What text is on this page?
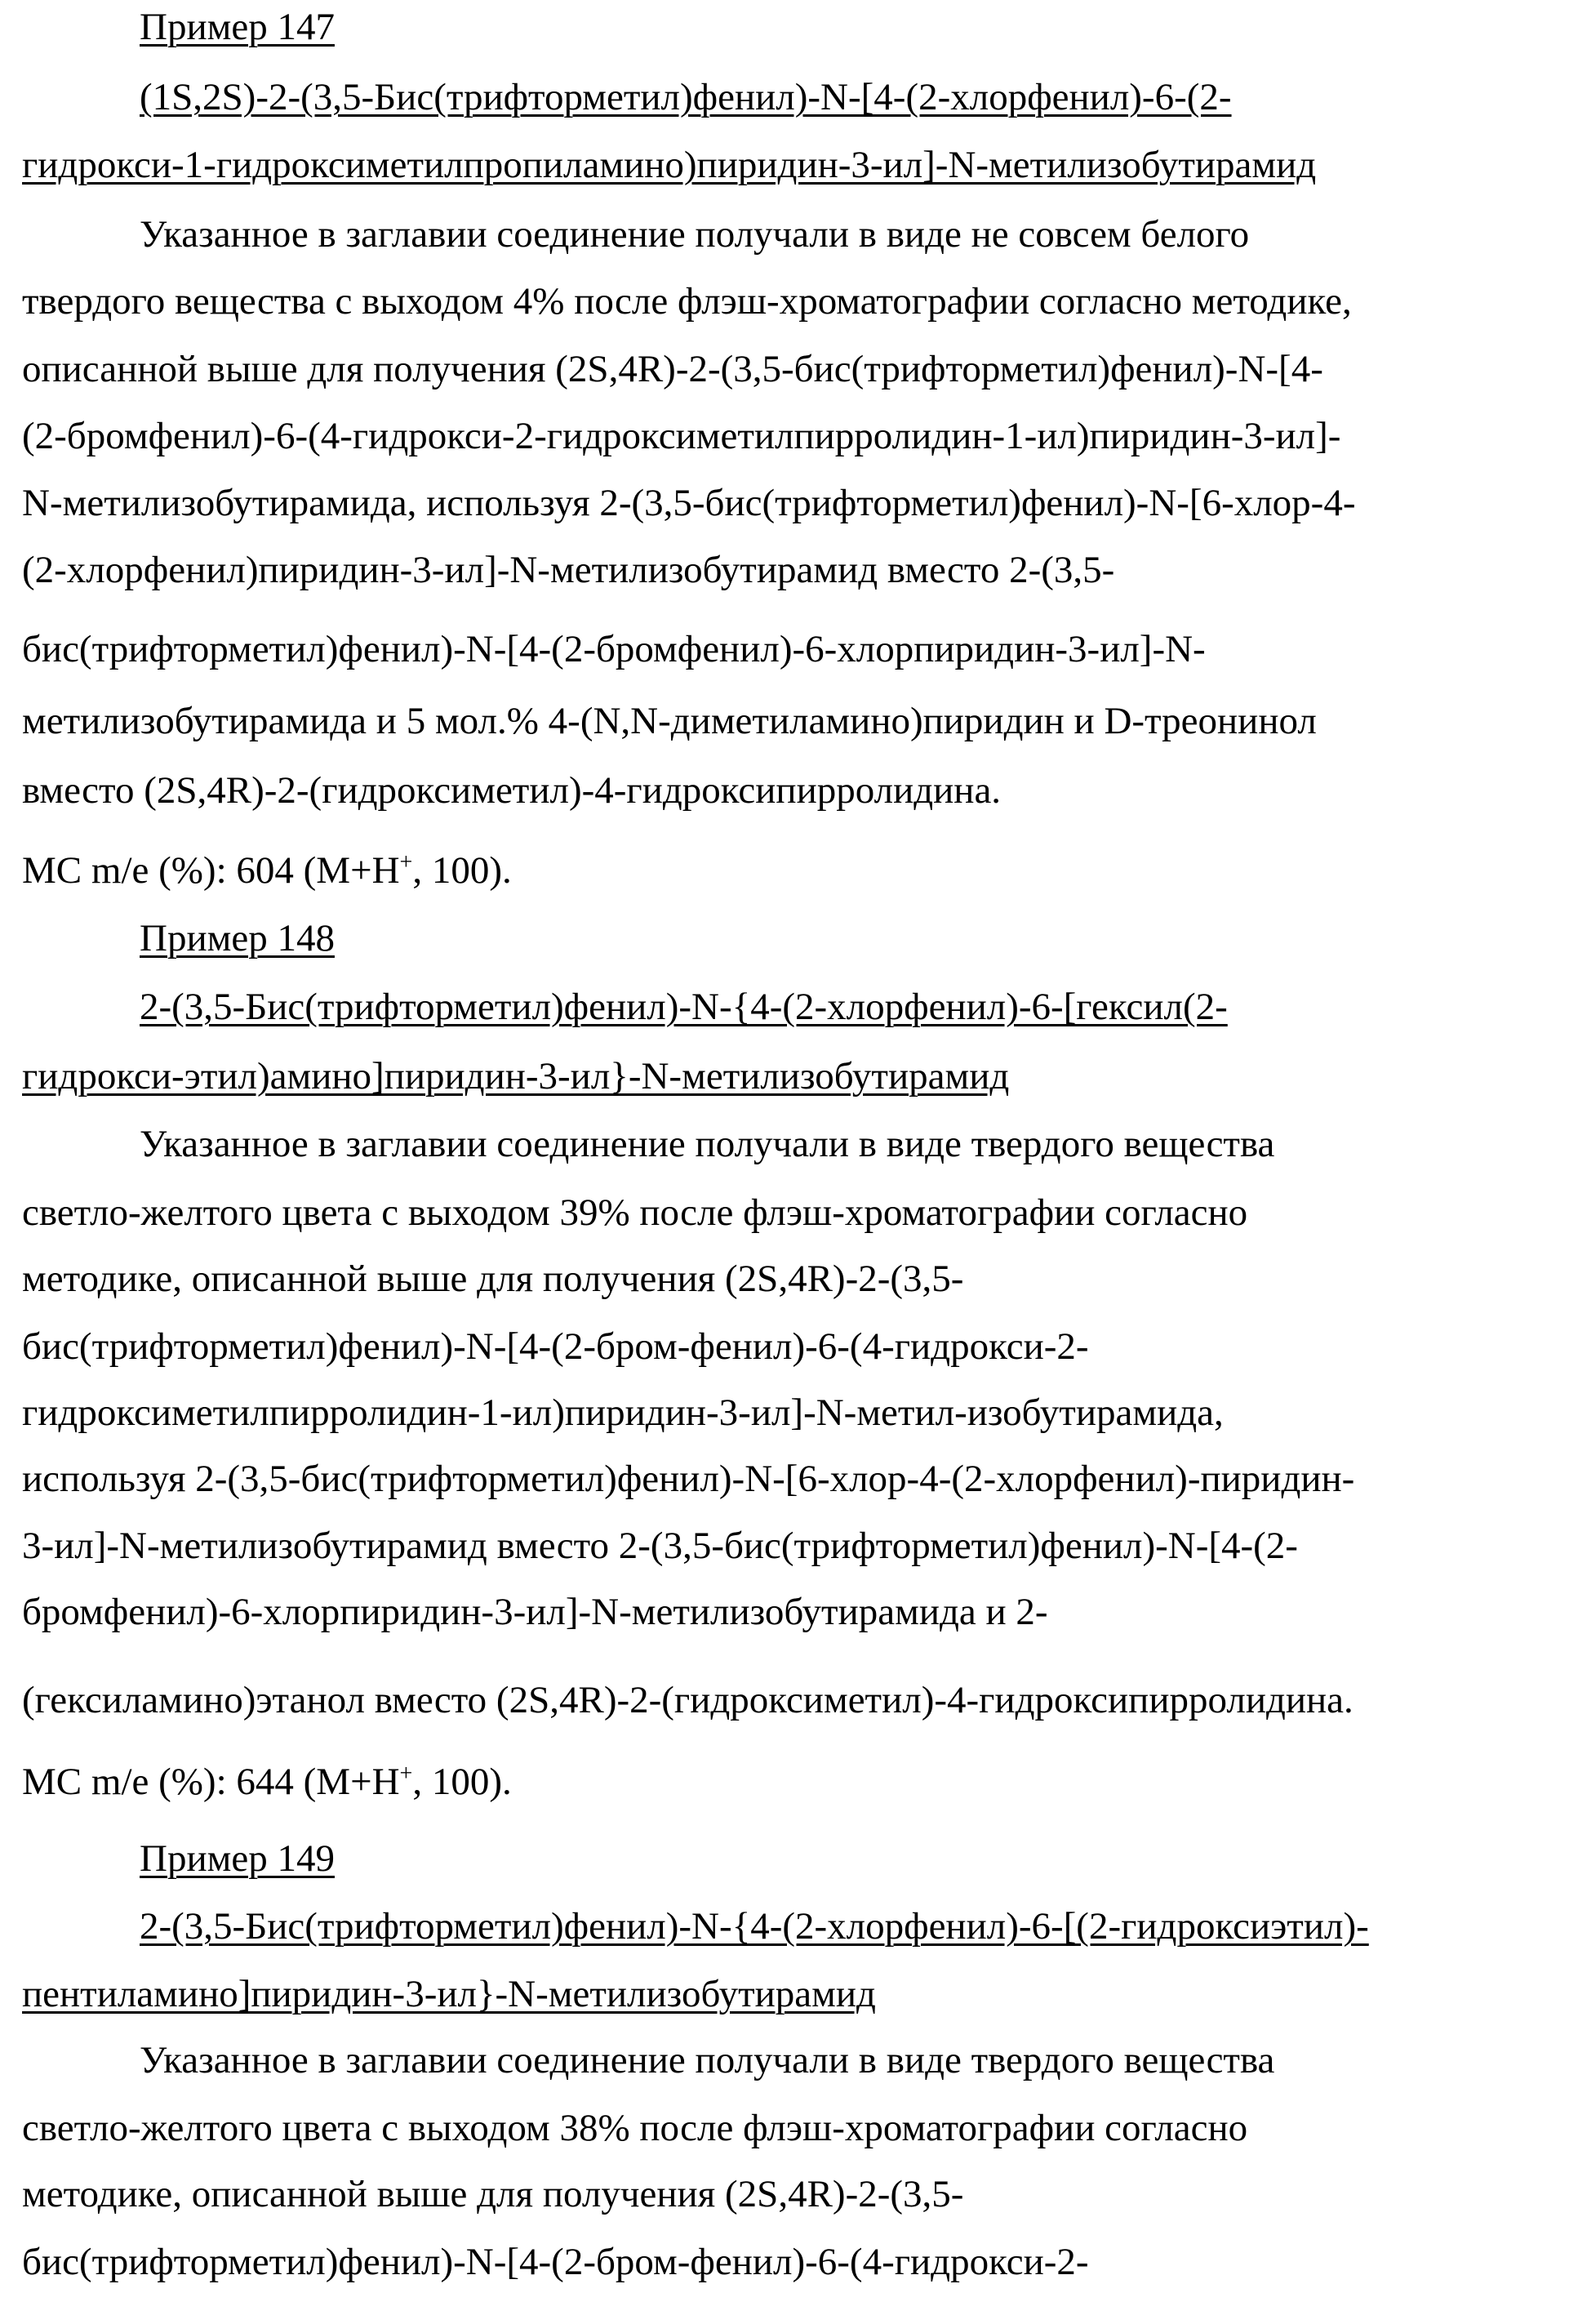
Пример 147
(1S,2S)-2-(3,5-Бис(трифторметил)фенил)-N-[4-(2-хлорфенил)-6-(2-
гидрокси-1-гидроксиметилпропиламино)пиридин-3-ил]-N-метилизобутирамид
Указанное в заглавии соединение получали в виде не совсем белого
твердого вещества с выходом 4% после флэш-хроматографии согласно методике,
описанной выше для получения (2S,4R)-2-(3,5-бис(трифторметил)фенил)-N-[4-
(2-бромфенил)-6-(4-гидрокси-2-гидроксиметилпирролидин-1-ил)пиридин-3-ил]-
N-метилизобутирамида, используя 2-(3,5-бис(трифторметил)фенил)-N-[6-хлор-4-
(2-хлорфенил)пиридин-3-ил]-N-метилизобутирамид вместо 2-(3,5-
бис(трифторметил)фенил)-N-[4-(2-бромфенил)-6-хлорпиридин-3-ил]-N-
метилизобутирамида и 5 мол.% 4-(N,N-диметиламино)пиридин и D-треонинол
вместо (2S,4R)-2-(гидроксиметил)-4-гидроксипирролидина.
MC m/e (%): 604 (M+H+, 100).
Пример 148
2-(3,5-Бис(трифторметил)фенил)-N-{4-(2-хлорфенил)-6-[гексил(2-
гидрокси-этил)амино]пиридин-3-ил}-N-метилизобутирамид
Указанное в заглавии соединение получали в виде твердого вещества
светло-желтого цвета с выходом 39% после флэш-хроматографии согласно
методике, описанной выше для получения (2S,4R)-2-(3,5-
бис(трифторметил)фенил)-N-[4-(2-бром-фенил)-6-(4-гидрокси-2-
гидроксиметилпирролидин-1-ил)пиридин-3-ил]-N-метил-изобутирамида,
используя 2-(3,5-бис(трифторметил)фенил)-N-[6-хлор-4-(2-хлорфенил)-пиридин-
3-ил]-N-метилизобутирамид вместо 2-(3,5-бис(трифторметил)фенил)-N-[4-(2-
бромфенил)-6-хлорпиридин-3-ил]-N-метилизобутирамида и 2-
(гексиламино)этанол вместо (2S,4R)-2-(гидроксиметил)-4-гидроксипирролидина.
MC m/e (%): 644 (M+H+, 100).
Пример 149
2-(3,5-Бис(трифторметил)фенил)-N-{4-(2-хлорфенил)-6-[(2-гидроксиэтил)-
пентиламино]пиридин-3-ил}-N-метилизобутирамид
Указанное в заглавии соединение получали в виде твердого вещества
светло-желтого цвета с выходом 38% после флэш-хроматографии согласно
методике, описанной выше для получения (2S,4R)-2-(3,5-
бис(трифторметил)фенил)-N-[4-(2-бром-фенил)-6-(4-гидрокси-2-
